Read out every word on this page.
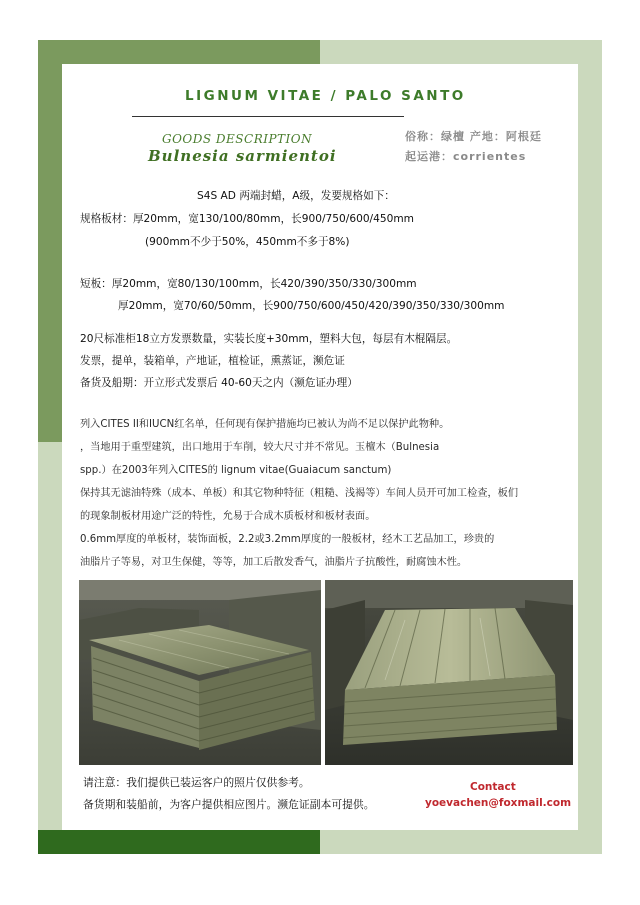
LIGNUM VITAE / PALO SANTO
GOODS DESCRIPTION
Bulnesia sarmientoi
俗称：绿檀 产地：阿根廷
起运港：corrientes
S4S AD 两端封蜡，A级，发要规格如下：
规格板材：厚20mm，宽130/100/80mm，长900/750/600/450mm
(900mm不少于50%，450mm不多于8%)
短板：厚20mm，宽80/130/100mm，长420/390/350/330/300mm
厚20mm，宽70/60/50mm，长900/750/600/450/420/390/350/330/300mm
20尺标准柜18立方发票数量，实装长度+30mm，塑料大包，每层有木棍隔层。
发票，提单，装箱单，产地证，植检证，熏蒸证，濒危证
备货及船期：开立形式发票后 40-60天之内（濒危证办理）
列入CITES II和IUCN红名单，任何现有保护措施均已被认为尚不足以保护此物种。
，当地用于重型建筑，出口地用于车削，较大尺寸并不常见。玉檀木（Bulnesia
spp.）在2003年列入CITES的 lignum vitae(Guaiacum sanctum)
保持其无滤油特殊（成本、单板）和其它物种特征（粗糙、浅褐等）车间人员开可加工检查，板们
的现象制板材用途广泛的特性，允易于合成木质板材和板材表面。
0.6mm厚度的单板材，装饰面板，2.2或3.2mm厚度的一般板材，经木工艺品加工，珍贵的
油脂片子等易，对卫生保健，等等，加工后散发香气，油脂片子抗酸性，耐腐蚀木性。
请注意：我们提供已装运客户的照片仅供参考。
备货期和装船前，为客户提供相应图片。濒危证副本可提供。
Contact
yoevachen@foxmail.com
